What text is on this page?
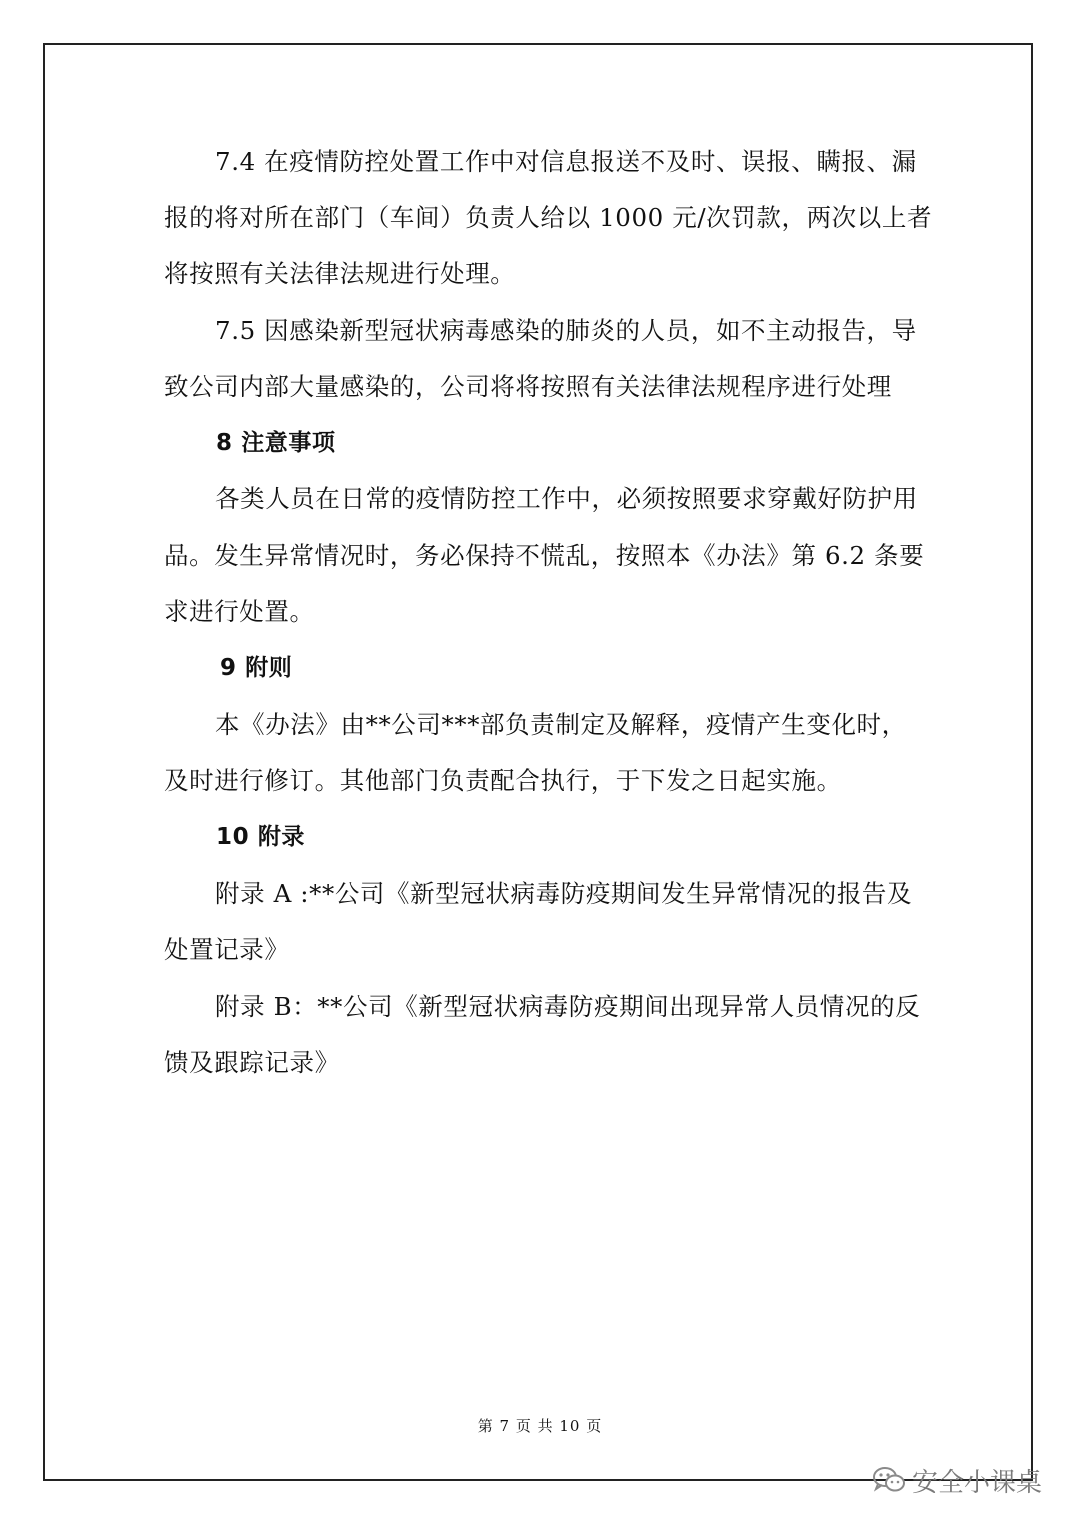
7.4 在疫情防控处置工作中对信息报送不及时、误报、瞒报、漏
报的将对所在部门（车间）负责人给以 1000 元/次罚款，两次以上者
将按照有关法律法规进行处理。
7.5 因感染新型冠状病毒感染的肺炎的人员，如不主动报告，导
致公司内部大量感染的，公司将将按照有关法律法规程序进行处理
8 注意事项
各类人员在日常的疫情防控工作中，必须按照要求穿戴好防护用
品。发生异常情况时，务必保持不慌乱，按照本《办法》第 6.2 条要
求进行处置。
9 附则
本《办法》由**公司***部负责制定及解释，疫情产生变化时，
及时进行修订。其他部门负责配合执行，于下发之日起实施。
10 附录
附录 A :**公司《新型冠状病毒防疫期间发生异常情况的报告及
处置记录》
附录 B：**公司《新型冠状病毒防疫期间出现异常人员情况的反
馈及跟踪记录》
第 7 页 共 10 页
安全小课桌
